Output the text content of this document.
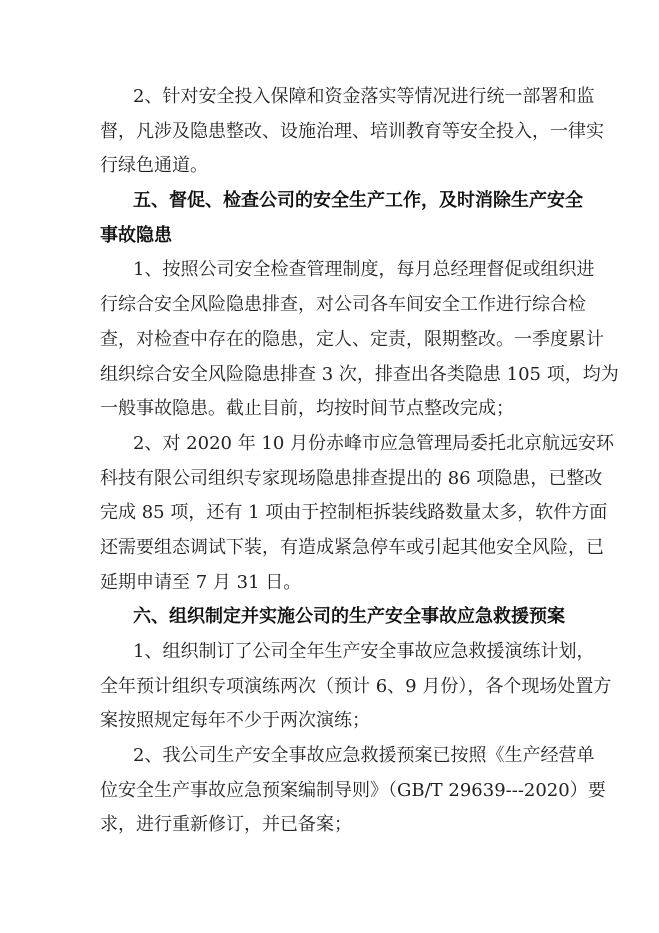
2、针对安全投入保障和资金落实等情况进行统一部署和监
督，凡涉及隐患整改、设施治理、培训教育等安全投入，一律实
行绿色通道。
五、督促、检查公司的安全生产工作，及时消除生产安全
事故隐患
1、按照公司安全检查管理制度，每月总经理督促或组织进
行综合安全风险隐患排查，对公司各车间安全工作进行综合检
查，对检查中存在的隐患，定人、定责，限期整改。一季度累计
组织综合安全风险隐患排查 3 次，排查出各类隐患 105 项，均为
一般事故隐患。截止目前，均按时间节点整改完成；
2、对 2020 年 10 月份赤峰市应急管理局委托北京航远安环
科技有限公司组织专家现场隐患排查提出的 86 项隐患，已整改
完成 85 项，还有 1 项由于控制柜拆装线路数量太多，软件方面
还需要组态调试下装，有造成紧急停车或引起其他安全风险，已
延期申请至 7 月 31 日。
六、组织制定并实施公司的生产安全事故应急救援预案
1、组织制订了公司全年生产安全事故应急救援演练计划，
全年预计组织专项演练两次（预计 6、9 月份），各个现场处置方
案按照规定每年不少于两次演练；
2、我公司生产安全事故应急救援预案已按照《生产经营单
位安全生产事故应急预案编制导则》（GB/T 29639---2020）要
求，进行重新修订，并已备案；
